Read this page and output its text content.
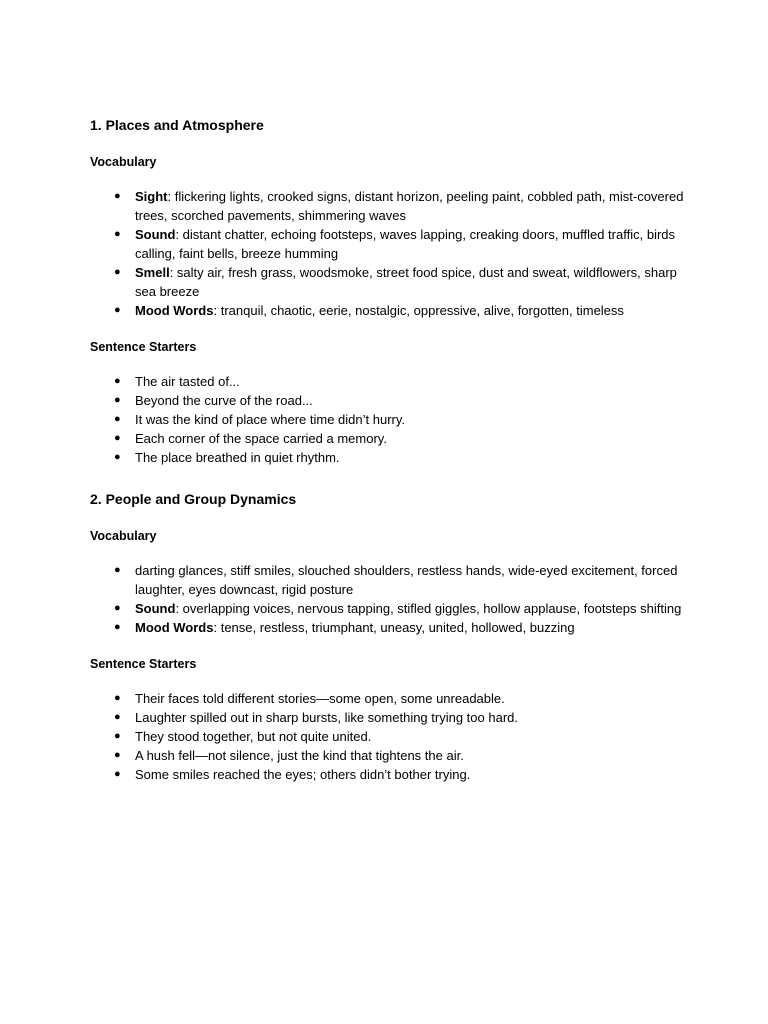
1. Places and Atmosphere
Vocabulary
● Sight: flickering lights, crooked signs, distant horizon, peeling paint, cobbled path, mist-covered trees, scorched pavements, shimmering waves
● Sound: distant chatter, echoing footsteps, waves lapping, creaking doors, muffled traffic, birds calling, faint bells, breeze humming
● Smell: salty air, fresh grass, woodsmoke, street food spice, dust and sweat, wildflowers, sharp sea breeze
● Mood Words: tranquil, chaotic, eerie, nostalgic, oppressive, alive, forgotten, timeless
Sentence Starters
● The air tasted of...
● Beyond the curve of the road...
● It was the kind of place where time didn’t hurry.
● Each corner of the space carried a memory.
● The place breathed in quiet rhythm.
2. People and Group Dynamics
Vocabulary
● darting glances, stiff smiles, slouched shoulders, restless hands, wide-eyed excitement, forced laughter, eyes downcast, rigid posture
● Sound: overlapping voices, nervous tapping, stifled giggles, hollow applause, footsteps shifting
● Mood Words: tense, restless, triumphant, uneasy, united, hollowed, buzzing
Sentence Starters
● Their faces told different stories—some open, some unreadable.
● Laughter spilled out in sharp bursts, like something trying too hard.
● They stood together, but not quite united.
● A hush fell—not silence, just the kind that tightens the air.
● Some smiles reached the eyes; others didn’t bother trying.
